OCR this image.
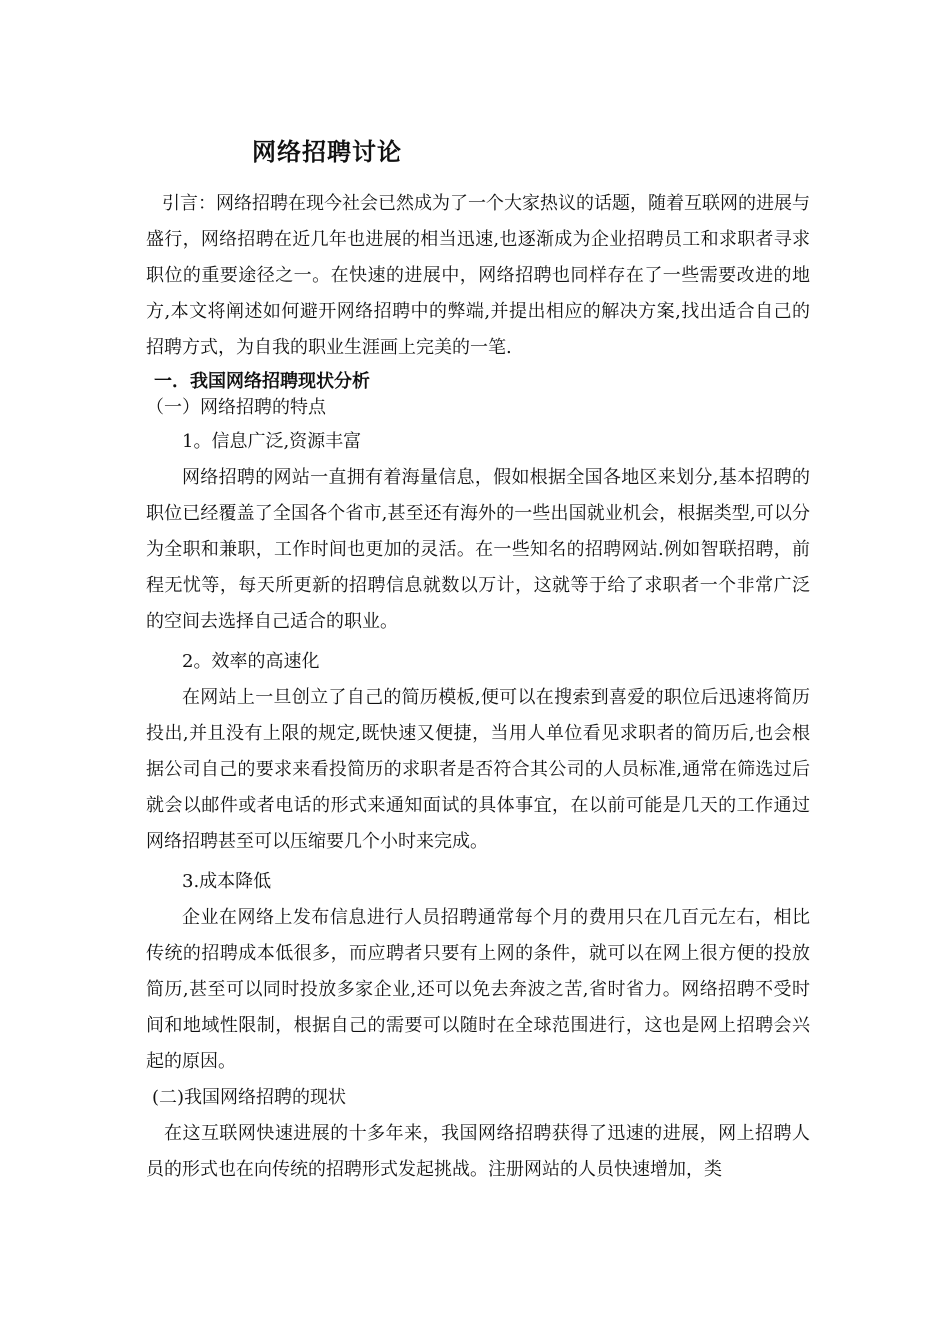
网络招聘讨论

引言：网络招聘在现今社会已然成为了一个大家热议的话题，随着互联网的进展与盛行，网络招聘在近几年也进展的相当迅速,也逐渐成为企业招聘员工和求职者寻求职位的重要途径之一。在快速的进展中，网络招聘也同样存在了一些需要改进的地方,本文将阐述如何避开网络招聘中的弊端,并提出相应的解决方案,找出适合自己的招聘方式，为自我的职业生涯画上完美的一笔.

一．我国网络招聘现状分析

（一）网络招聘的特点

1。信息广泛,资源丰富

网络招聘的网站一直拥有着海量信息，假如根据全国各地区来划分,基本招聘的职位已经覆盖了全国各个省市,甚至还有海外的一些出国就业机会，根据类型,可以分为全职和兼职，工作时间也更加的灵活。在一些知名的招聘网站.例如智联招聘，前程无忧等，每天所更新的招聘信息就数以万计，这就等于给了求职者一个非常广泛的空间去选择自己适合的职业。

2。效率的高速化

在网站上一旦创立了自己的简历模板,便可以在搜索到喜爱的职位后迅速将简历投出,并且没有上限的规定,既快速又便捷，当用人单位看见求职者的简历后,也会根据公司自己的要求来看投简历的求职者是否符合其公司的人员标准,通常在筛选过后就会以邮件或者电话的形式来通知面试的具体事宜，在以前可能是几天的工作通过网络招聘甚至可以压缩要几个小时来完成。

3.成本降低

企业在网络上发布信息进行人员招聘通常每个月的费用只在几百元左右，相比传统的招聘成本低很多，而应聘者只要有上网的条件，就可以在网上很方便的投放简历,甚至可以同时投放多家企业,还可以免去奔波之苦,省时省力。网络招聘不受时间和地域性限制，根据自己的需要可以随时在全球范围进行，这也是网上招聘会兴起的原因。

(二)我国网络招聘的现状

在这互联网快速进展的十多年来，我国网络招聘获得了迅速的进展，网上招聘人员的形式也在向传统的招聘形式发起挑战。注册网站的人员快速增加，类
